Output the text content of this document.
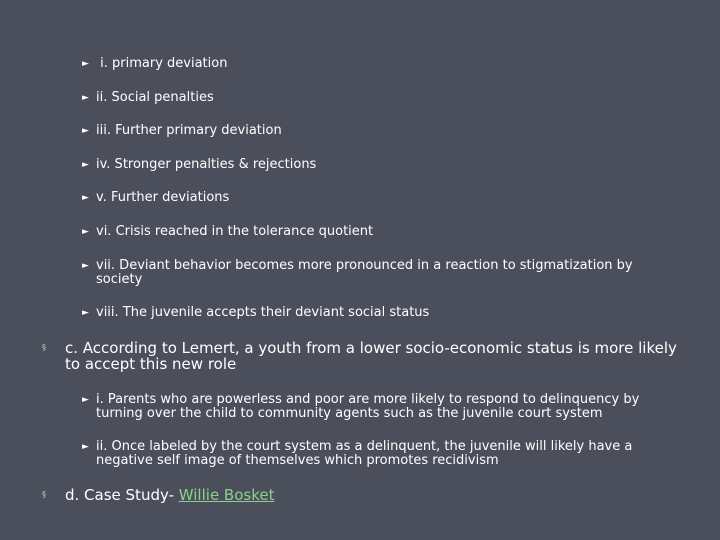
► i. primary deviation
► ii. Social penalties
► iii. Further primary deviation
► iv. Stronger penalties & rejections
► v. Further deviations
► vi. Crisis reached in the tolerance quotient
► vii. Deviant behavior becomes more pronounced in a reaction to stigmatization by society
► viii. The juvenile accepts their deviant social status
§	c. According to Lemert, a youth from a lower socio-economic status is more likely to accept this new role
► i. Parents who are powerless and poor are more likely to respond to delinquency by turning over the child to community agents such as the juvenile court system
► ii. Once labeled by the court system as a delinquent, the juvenile will likely have a negative self image of themselves which promotes recidivism
§	d. Case Study- Willie Bosket
